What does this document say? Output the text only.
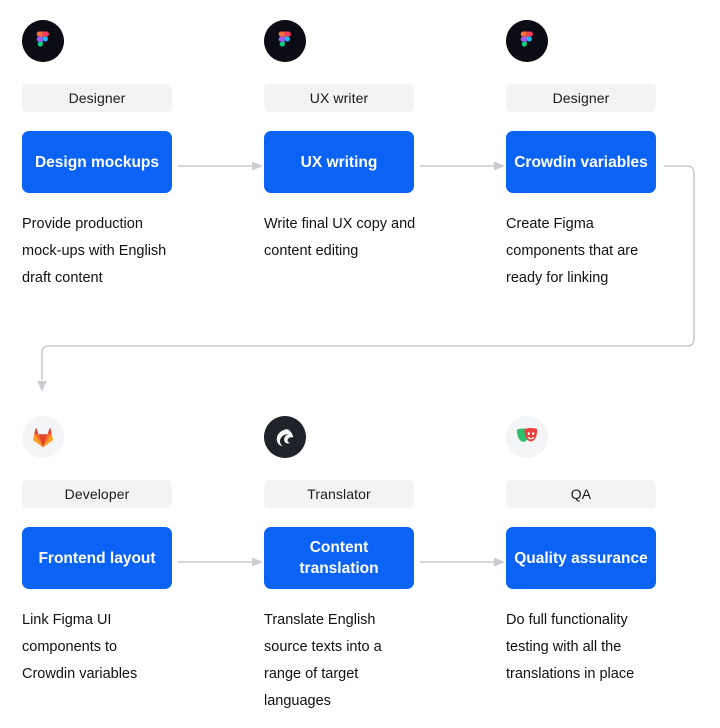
Designer
Design mockups
Provide production mock-ups with English draft content
UX writer
UX writing
Write final UX copy and content editing
Designer
Crowdin variables
Create Figma components that are ready for linking
Developer
Frontend layout
Link Figma UI components to Crowdin variables
Translator
Content translation
Translate English source texts into a range of target languages
QA
Quality assurance
Do full functionality testing with all the translations in place
